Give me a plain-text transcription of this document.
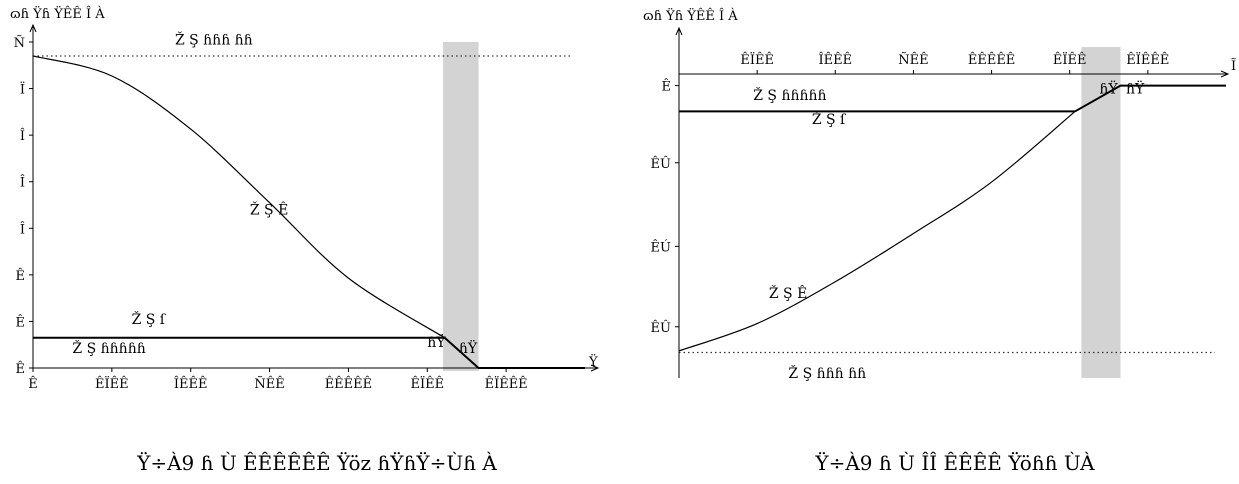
ɷɦ Ÿɦ ŸÊÊ Î À
Ÿ
Ê	ÊÏÊÊ	ÎÊÊÊ	ÑÊÊ	ÊÊÊÊÊ	ÊÏÊÊ	ÊÏÊÊÊ
Ê
Ê
Ê
Î
Î
Î
Ï
Ñ	Ž Ş ɦɦɦ ɦɦ
Ž Ş Ê
Ž Ş ſ
Ž Ş ɦɦɦɦɦ	ɦŸ ɦŸ
Ÿ÷À9 ɦ Ù ÊÊÊÊÊÊ Ÿöz ɦŸɦŸ÷Ùɦ À
ɷɦ Ÿɦ ŸÊÊ Î À
Ĩ
ÊÏÊÊ	ÎÊÊÊ	ÑÊÊ	ÊÊÊÊÊ	ÊÏÊÊ	ÊÏÊÊÊ
Ê
ÊÛ
ÊÚ
ÊÛ
Ž Ş ɦɦɦɦɦ
Ž Ş ſ
Ž Ş Ê
Ž Ş ɦɦɦ ɦɦ
ɦŸ ɦŸ
Ÿ÷À9 ɦ Ù ÎÎ ÊÊÊÊ Ÿöɦɦ ÙÀ
